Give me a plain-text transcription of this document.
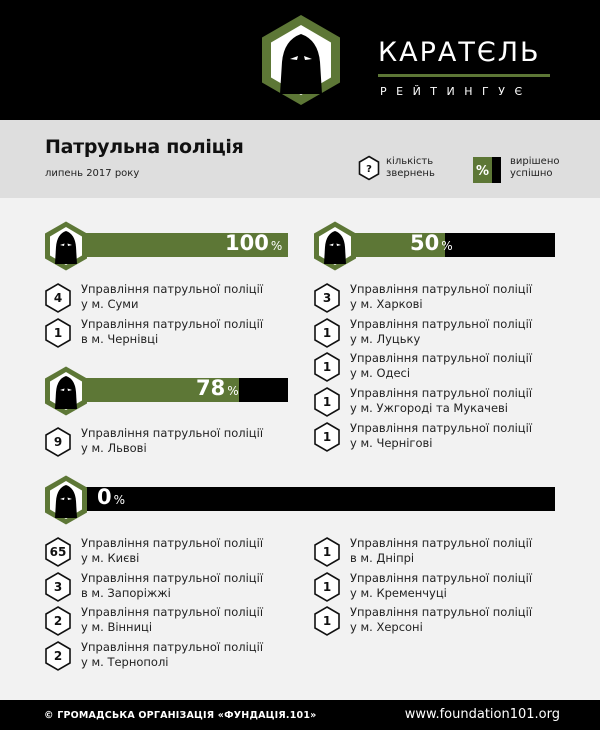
КАРАТЄЛЬ
РЕЙТИНГУЄ
Патрульна поліція
липень 2017 року	?
кількість звернень	%
вирішено успішно
100 %	50 %
78 %
0 %
4
Управління патрульної поліції
у м. Суми
1
Управління патрульної поліції
в м. Чернівці
3
Управління патрульної поліції
у м. Харкові
1
Управління патрульної поліції
у м. Луцьку
1
Управління патрульної поліції
у м. Одесі
1
Управління патрульної поліції
у м. Ужгороді та Мукачеві
1
Управління патрульної поліції
у м. Чернігові
9
Управління патрульної поліції
у м. Львові
65
Управління патрульної поліції
у м. Києві
3
Управління патрульної поліції
в м. Запоріжжі
2
Управління патрульної поліції
у м. Вінниці
2
Управління патрульної поліції
у м. Тернополі
1
Управління патрульної поліції
в м. Дніпрі
1
Управління патрульної поліції
у м. Кременчуці
1
Управління патрульної поліції
у м. Херсоні
© ГРОМАДСЬКА ОРГАНІЗАЦІЯ «ФУНДАЦІЯ.101»	www.foundation101.org
